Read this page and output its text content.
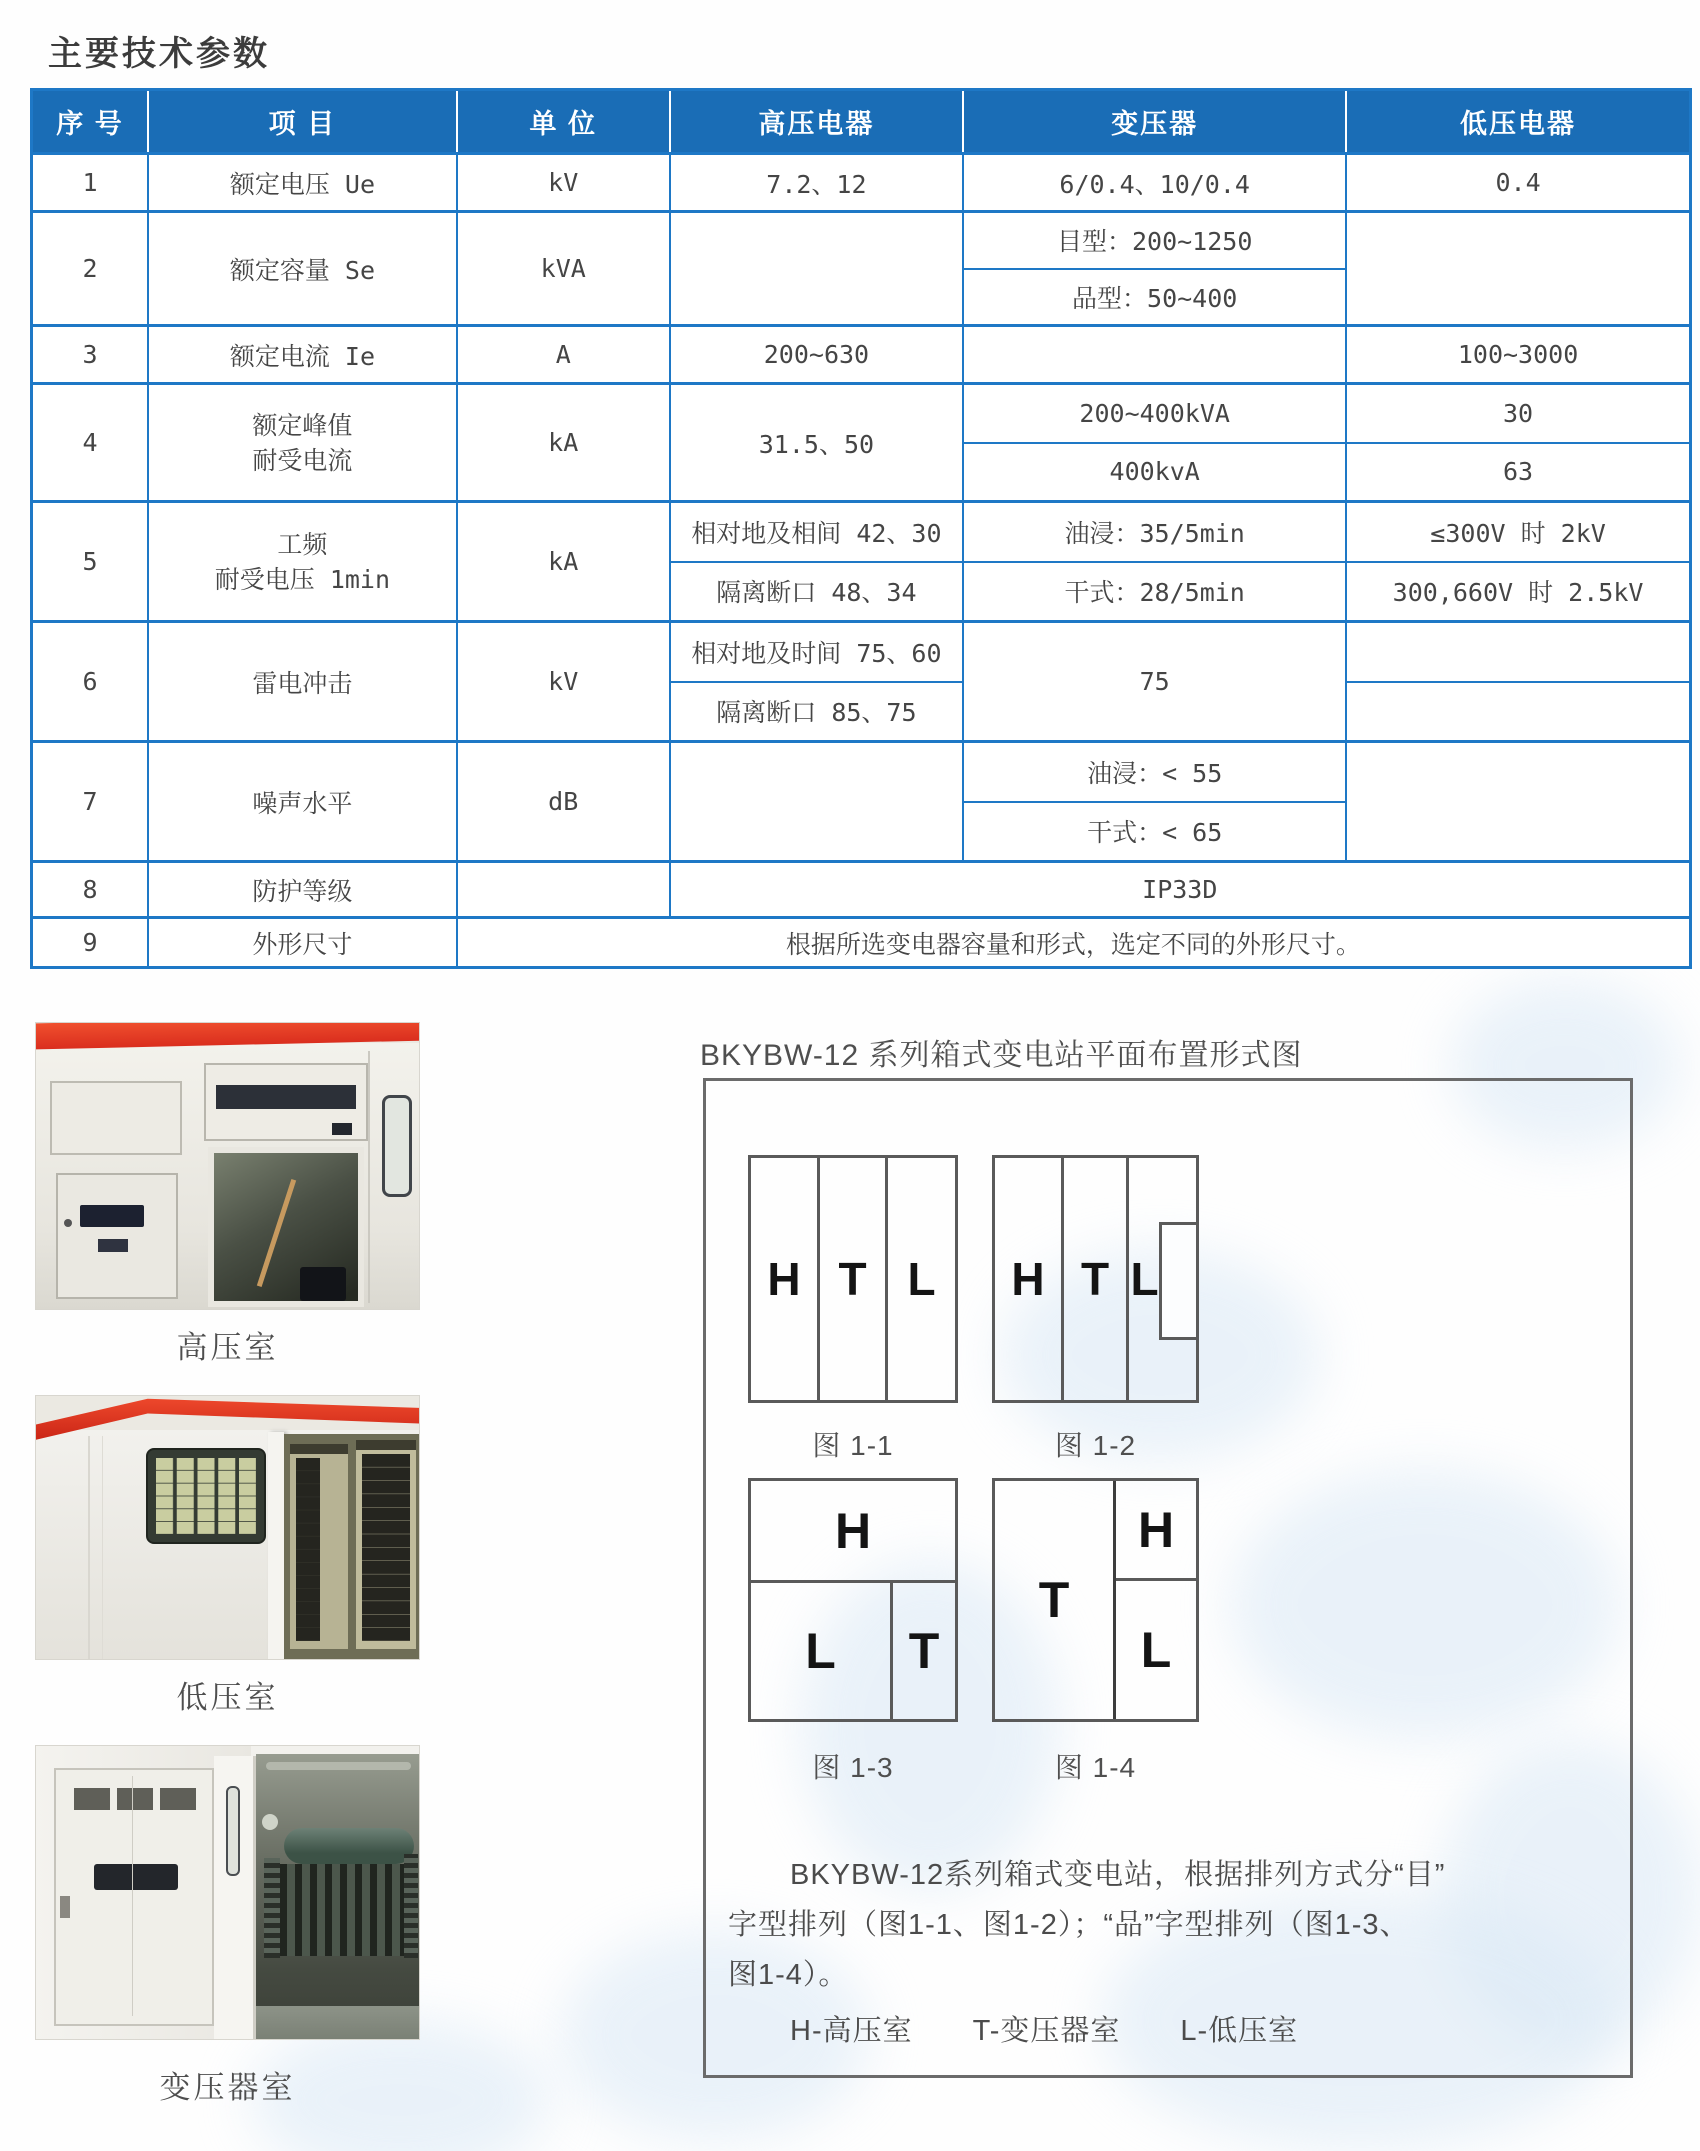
主要技术参数
序 号	项 目	单 位	高压电器	变压器	低压电器
1	额定电压 Ue	kV	7.2、12	6/0.4、10/0.4	0.4
2	额定容量 Se	kVA		目型：200~1250	
				品型：50~400	
3	额定电流 Ie	A	200~630		100~3000
4	额定峰值
耐受电流	kA	31.5、50	200~400kVA	30
				400kvA	63
5	工频
耐受电压 1min	kA	相对地及相间 42、30	油浸：35/5min	≤300V 时 2kV
			隔离断口 48、34	干式：28/5min	300,660V 时 2.5kV
6	雷电冲击	kV	相对地及时间 75、60	75	
			隔离断口 85、75		
7	噪声水平	dB		油浸：< 55	
				干式：< 65	
8	防护等级		IP33D		
9	外形尺寸	根据所选变电器容量和形式，选定不同的外形尺寸。			
高压室
低压室
变压器室
BKYBW-12 系列箱式变电站平面布置形式图
H T L
图 1-1
H T L
图 1-2
H
L T
图 1-3
T
H
L
图 1-4
BKYBW-12系列箱式变电站，根据排列方式分“目”
字型排列（图1-1、图1-2）；“品”字型排列（图1-3、
图1-4）。
H-高压室　　T-变压器室　　L-低压室
